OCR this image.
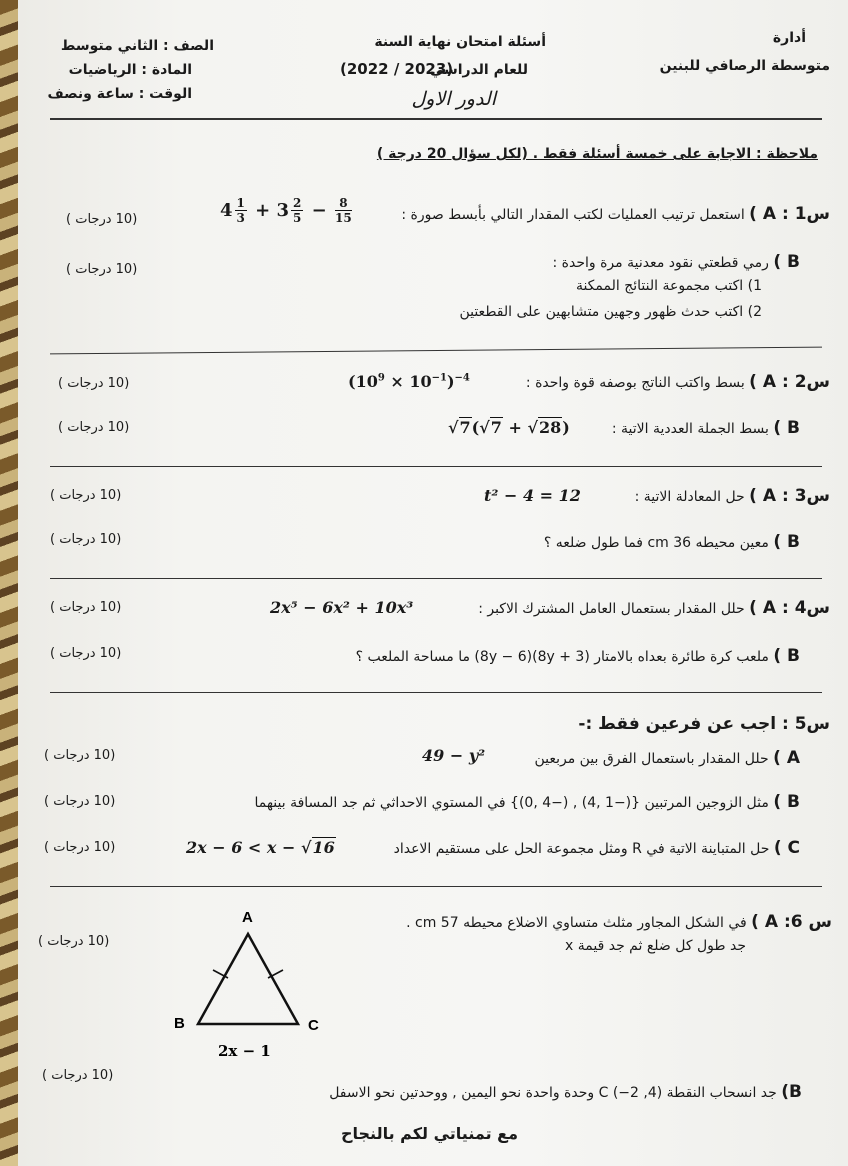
أدارة
متوسطة الرصافي للبنين
أسئلة امتحان نهاية السنة
للعام الدراسي
(2022 / 2023)
الدور الاول
الصف : الثاني متوسط
المادة : الرياضيات
الوقت : ساعة ونصف
ملاحظة : الاجابة على خمسة أسئلة فقط . (لكل سؤال 20 درجة )
س1 : A ) استعمل ترتيب العمليات لكتب المقدار التالي بأبسط صورة :
$4 \frac{1}{3} + 3 \frac{2}{5} - \frac{8}{15}$
(10 درجات )
B ) رمي قطعتي نقود معدنية مرة واحدة :
(10 درجات )
1) اكتب مجموعة النتائج الممكنة
2) اكتب حدث ظهور وجهين متشابهين على القطعتين
س2 : A ) بسط واكتب الناتج بوصفه قوة واحدة :
$(10^9 \times 10^{-1})^{-4}$
(10 درجات )
B ) بسط الجملة العددية الاتية :
√7(√7 + √28)
(10 درجات )
س3 : A ) حل المعادلة الاتية :
t² − 4 = 12
(10 درجات )
B ) معين محيطه 36 cm فما طول ضلعه ؟
(10 درجات )
س4 : A ) حلل المقدار بستعمال العامل المشترك الاكبر :
2x⁵ − 6x² + 10x³
(10 درجات )
B ) ملعب كرة طائرة بعداه بالامتار (8y + 3)(8y − 6) ما مساحة الملعب ؟
(10 درجات )
س5 : اجب عن فرعين فقط :-
A ) حلل المقدار باستعمال الفرق بين مربعين
49 − y²
(10 درجات )
B ) مثل الزوجين المرتبين {(−1 ,4) , (−4 ,0)} في المستوي الاحداثي ثم جد المسافة بينهما
(10 درجات )
C ) حل المتباينة الاتية في R ومثل مجموعة الحل على مستقيم الاعداد
2x − 6 < x − √16
(10 درجات )
س 6: A ) في الشكل المجاور مثلث متساوي الاضلاع محيطه 57 cm .
جد طول كل ضلع ثم جد قيمة x
(10 درجات )
A
B	C
2x − 1
B) جد انسحاب النقطة C (−2 ,4) وحدة واحدة نحو اليمين , ووحدتين نحو الاسفل
(10 درجات )
مع تمنياتي لكم بالنجاح
